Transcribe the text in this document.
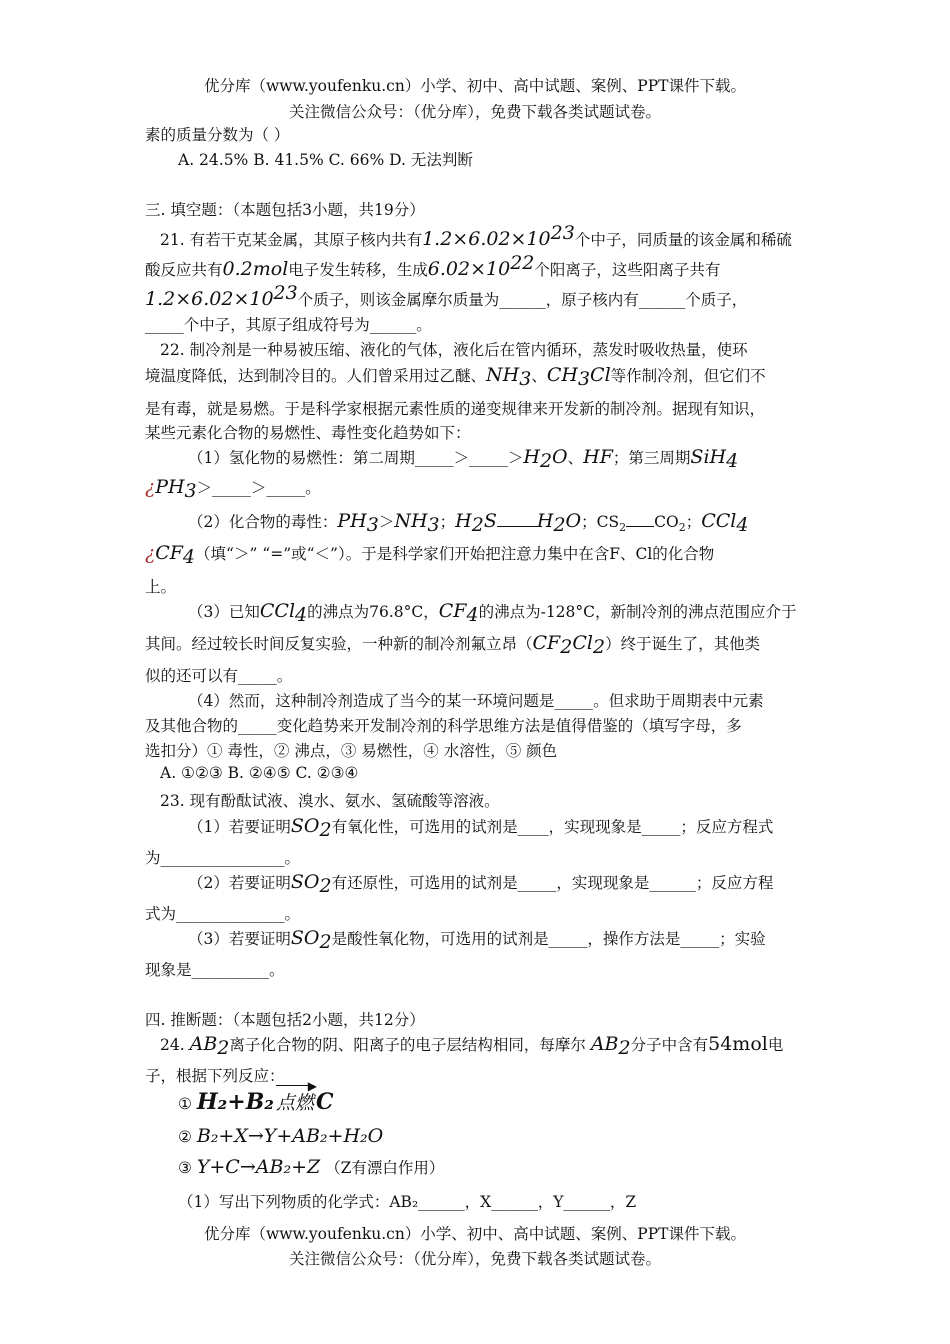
优分库（www.youfenku.cn）小学、初中、高中试题、案例、PPT课件下载。
关注微信公众号：（优分库），免费下载各类试题试卷。
素的质量分数为（ ）
A. 24.5% B. 41.5% C. 66% D. 无法判断
三. 填空题：（本题包括3小题，共19分）
21. 有若干克某金属，其原子核内共有$1.2\times 6.02\times 10^{23}$个中子，同质量的该金属和稀硫
酸反应共有0.2mol电子发生转移，生成$6.02\times 10^{22}$个阳离子，这些阳离子共有
$1.2\times 6.02\times 10^{23}$个质子，则该金属摩尔质量为______，原子核内有______个质子，
_____个中子，其原子组成符号为______。
22. 制冷剂是一种易被压缩、液化的气体，液化后在管内循环，蒸发时吸收热量，使环
境温度降低，达到制冷目的。人们曾采用过乙醚、$NH_3$、$CH_3Cl$等作制冷剂，但它们不
是有毒，就是易燃。于是科学家根据元素性质的递变规律来开发新的制冷剂。据现有知识，
某些元素化合物的易燃性、毒性变化趋势如下：
（1）氢化物的易燃性：第二周期$\_\_\_\_\_>\_\_\_\_\_>H_2O$、HF；第三周期SiH$_4$
¿$PH_3>\_\_\_\_\_>\_\_\_\_\_$。
（2）化合物的毒性：$PH_3>NH_3$；$H_2S$ $H_2O$；$CS_2$ $CO_2$；CCl$_4$
¿$CF_4$（填“＞” “=”或“＜”）。于是科学家们开始把注意力集中在含F、Cl的化合物
上。
（3）已知CCl$_4$的沸点为76.8°C，$CF_4$的沸点为-128°C，新制冷剂的沸点范围应介于
其间。经过较长时间反复实验，一种新的制冷剂氟立昂$(CF_2Cl_2)$终于诞生了，其他类
似的还可以有_____。
（4）然而，这种制冷剂造成了当今的某一环境问题是_____。但求助于周期表中元素
及其他合物的_____变化趋势来开发制冷剂的科学思维方法是值得借鉴的（填写字母，多
选扣分）① 毒性，② 沸点，③ 易燃性，④ 水溶性，⑤ 颜色
A. ①②③ B. ②④⑤ C. ②③④
23. 现有酚酞试液、溴水、氨水、氢硫酸等溶液。
（1）若要证明$SO_2$有氧化性，可选用的试剂是____，实现现象是_____；反应方程式
为________________。
（2）若要证明$SO_2$有还原性，可选用的试剂是_____，实现现象是______；反应方程
式为______________。
（3）若要证明$SO_2$是酸性氧化物，可选用的试剂是_____，操作方法是_____；实验
现象是__________。
四. 推断题：（本题包括2小题，共12分）
24. $AB_2$离子化合物的阴、阳离子的电子层结构相同，每摩尔 $AB_2$分子中含有54mol电
子，根据下列反应：
① H₂+B₂
▶
点燃C
② B₂+X→Y+AB₂+H₂O
③ Y+C→AB₂+Z （Z有漂白作用）
（1）写出下列物质的化学式：AB₂______，X______，Y______，Z
优分库（www.youfenku.cn）小学、初中、高中试题、案例、PPT课件下载。
关注微信公众号：（优分库），免费下载各类试题试卷。
